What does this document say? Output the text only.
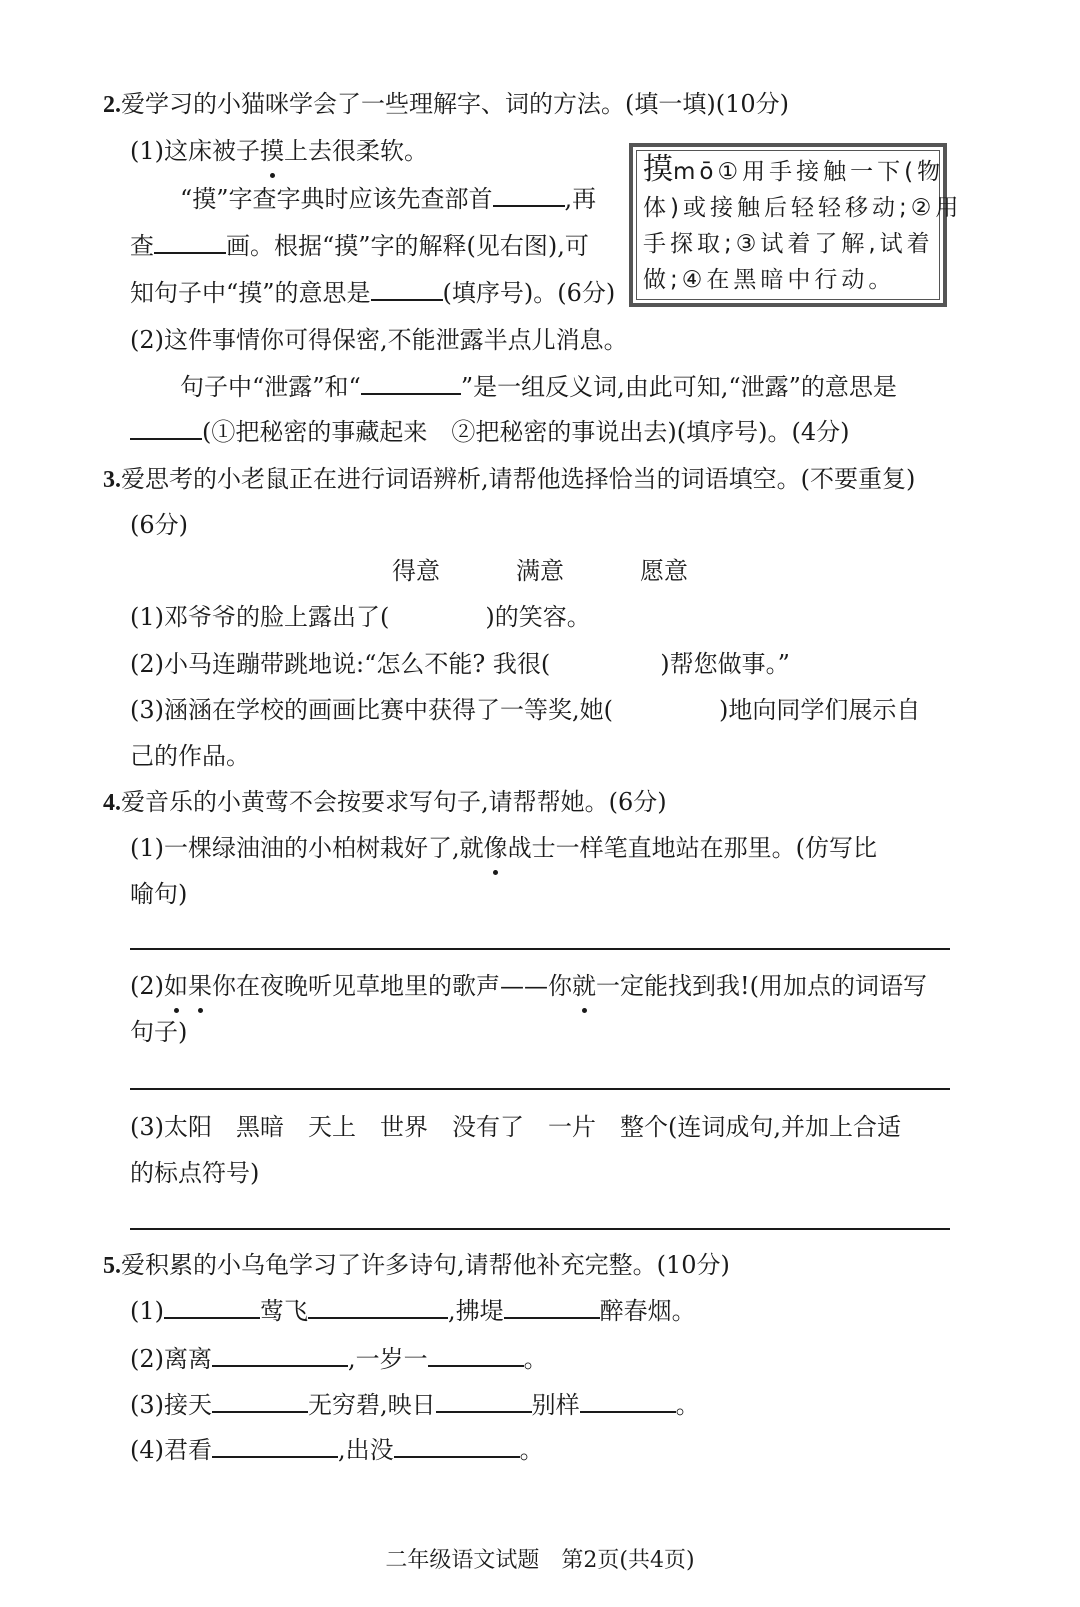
2.爱学习的小猫咪学会了一些理解字、词的方法。(填一填)(10分)
(1)这床被子摸上去很柔软。
“摸”字查字典时应该先查部首	,再
查	画。根据“摸”字的解释(见右图),可
知句子中“摸”的意思是	(填序号)。(6分)
摸mō①用手接触一下(物
体)或接触后轻轻移动;②用
手探取;③试着了解,试着
做;④在黑暗中行动。
(2)这件事情你可得保密,不能泄露半点儿消息。
句子中“泄露”和“	”是一组反义词,由此可知,“泄露”的意思是
(①把秘密的事藏起来　②把秘密的事说出去)(填序号)。(4分)
3.爱思考的小老鼠正在进行词语辨析,请帮他选择恰当的词语填空。(不要重复)
(6分)
得意	满意	愿意
(1)邓爷爷的脸上露出了(	)的笑容。
(2)小马连蹦带跳地说:“怎么不能? 我很(	)帮您做事。”
(3)涵涵在学校的画画比赛中获得了一等奖,她(	)地向同学们展示自
己的作品。
4.爱音乐的小黄莺不会按要求写句子,请帮帮她。(6分)
(1)一棵绿油油的小柏树栽好了,就像战士一样笔直地站在那里。(仿写比
喻句)
(2)如果你在夜晚听见草地里的歌声——你就一定能找到我!(用加点的词语写
句子)
(3)太阳　黑暗　天上　世界　没有了　一片　整个(连词成句,并加上合适
的标点符号)
5.爱积累的小乌龟学习了许多诗句,请帮他补充完整。(10分)
(1)	莺飞	,拂堤	醉春烟。
(2)离离	,一岁一	。
(3)接天	无穷碧,映日	别样	。
(4)君看	,出没	。
二年级语文试题　第2页(共4页)
